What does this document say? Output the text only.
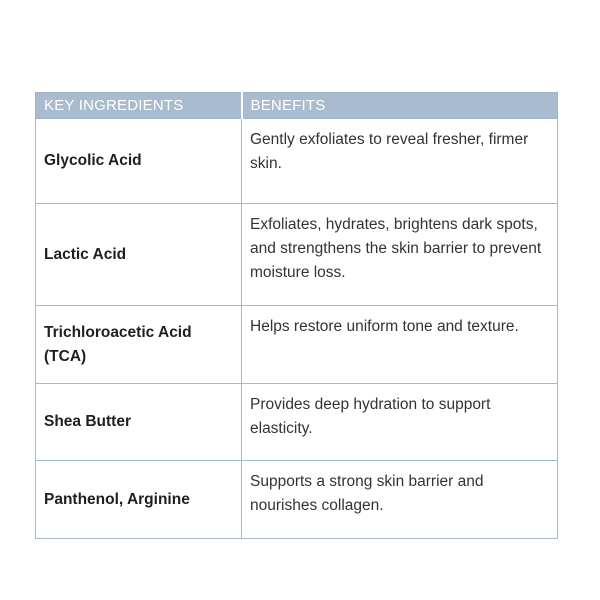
KEY INGREDIENTS	BENEFITS
Glycolic Acid	Gently exfoliates to reveal fresher, firmer skin.
Lactic Acid	Exfoliates, hydrates, brightens dark spots, and strengthens the skin barrier to prevent moisture loss.
Trichloroacetic Acid (TCA)	Helps restore uniform tone and texture.
Shea Butter	Provides deep hydration to support elasticity.
Panthenol, Arginine	Supports a strong skin barrier and nourishes collagen.
